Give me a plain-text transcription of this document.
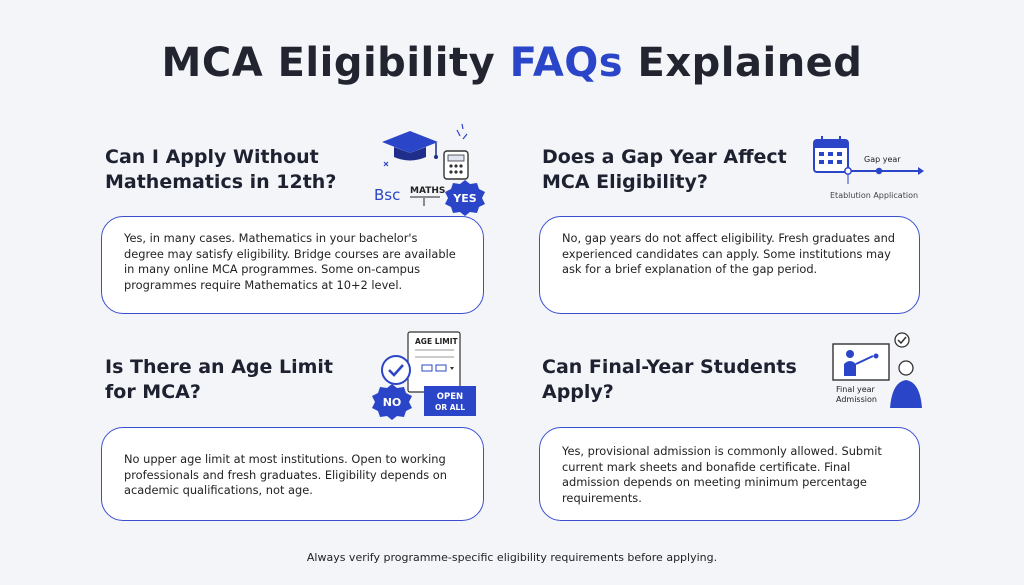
MCA Eligibility FAQs Explained
Can I Apply Without
Mathematics in 12th?
Bsc MATHS
YES
Yes, in many cases. Mathematics in your bachelor's degree may satisfy eligibility. Bridge courses are available in many online MCA programmes. Some on-campus programmes require Mathematics at 10+2 level.
Does a Gap Year Affect
MCA Eligibility?
Gap year
Etablution Application
No, gap years do not affect eligibility. Fresh graduates and experienced candidates can apply. Some institutions may ask for a brief explanation of the gap period.
Is There an Age Limit
for MCA?
AGE LIMIT
NO	OPEN
OR ALL
No upper age limit at most institutions. Open to working professionals and fresh graduates. Eligibility depends on academic qualifications, not age.
Can Final-Year Students
Apply?	Final year
Admission
Yes, provisional admission is commonly allowed. Submit current mark sheets and bonafide certificate. Final admission depends on meeting minimum percentage requirements.
Always verify programme-specific eligibility requirements before applying.
